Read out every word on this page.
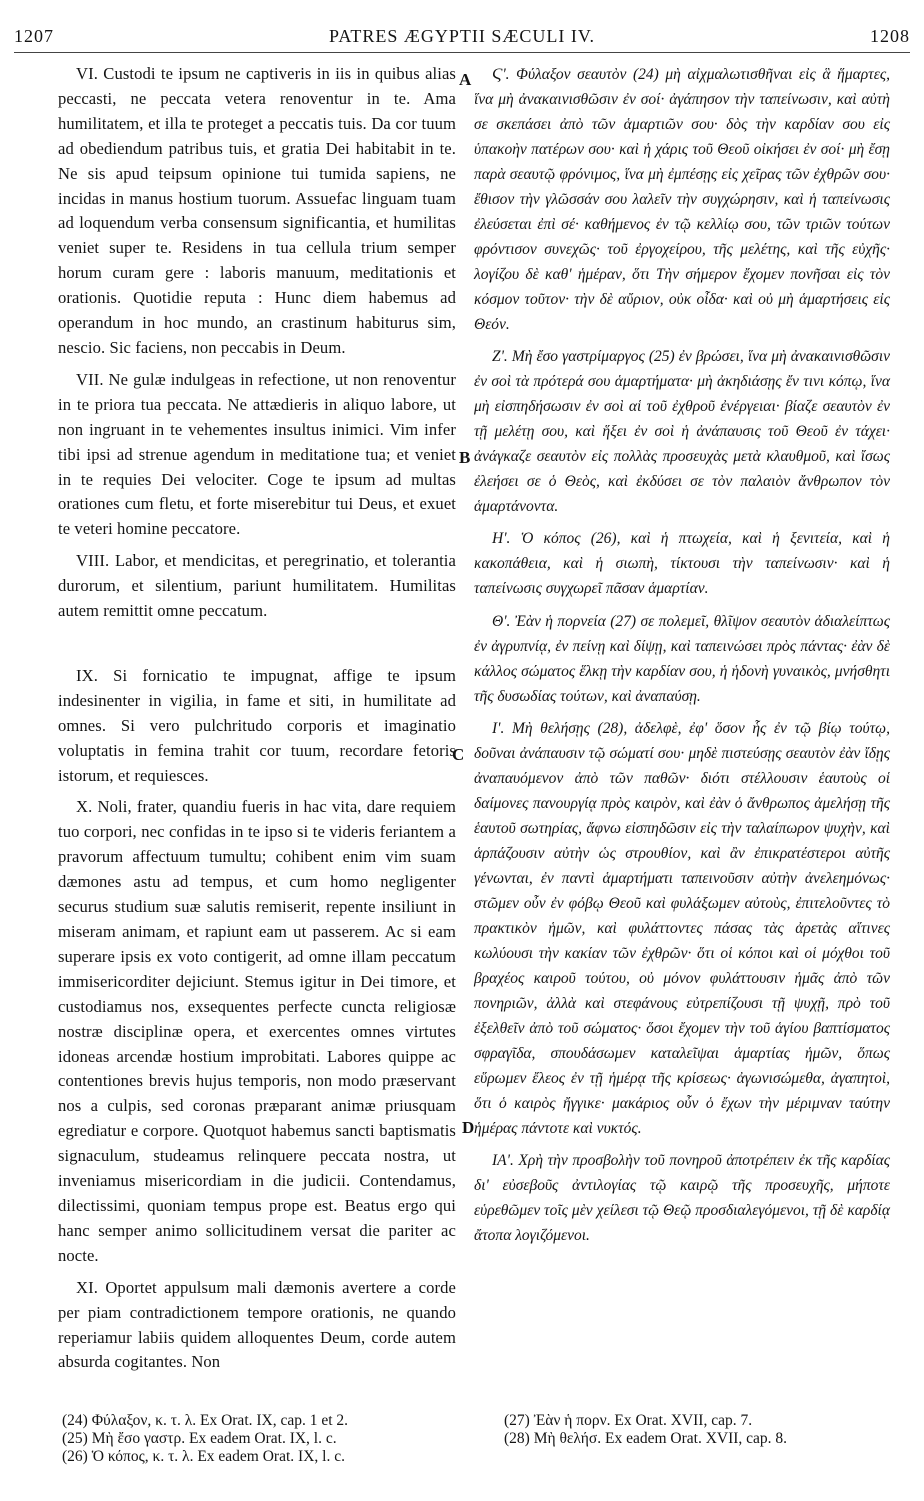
1207	PATRES ÆGYPTII SÆCULI IV.	1208

VI. Custodi te ipsum ne captiveris in iis in quibus alias peccasti, ne peccata vetera renoventur in te. Ama humilitatem, et illa te proteget a peccatis tuis. Da cor tuum ad obediendum patribus tuis, et gratia Dei habitabit in te. Ne sis apud teipsum opinione tui tumida sapiens, ne incidas in manus hostium tuorum. Assuefac linguam tuam ad loquendum verba consensum significantia, et humilitas veniet super te. Residens in tua cellula trium semper horum curam gere : laboris manuum, meditationis et orationis. Quotidie reputa : Hunc diem habemus ad operandum in hoc mundo, an crastinum habiturus sim, nescio. Sic faciens, non peccabis in Deum.

VII. Ne gulæ indulgeas in refectione, ut non renoventur in te priora tua peccata. Ne attædieris in aliquo labore, ut non ingruant in te vehementes insultus inimici. Vim infer tibi ipsi ad strenue agendum in meditatione tua; et veniet in te requies Dei velociter. Coge te ipsum ad multas orationes cum fletu, et forte miserebitur tui Deus, et exuet te veteri homine peccatore.

VIII. Labor, et mendicitas, et peregrinatio, et tolerantia durorum, et silentium, pariunt humilitatem. Humilitas autem remittit omne peccatum.

IX. Si fornicatio te impugnat, affige te ipsum indesinenter in vigilia, in fame et siti, in humilitate ad omnes. Si vero pulchritudo corporis et imaginatio voluptatis in femina trahit cor tuum, recordare fetoris istorum, et requiesces.

X. Noli, frater, quandiu fueris in hac vita, dare requiem tuo corpori, nec confidas in te ipso si te videris feriantem a pravorum affectuum tumultu; cohibent enim vim suam dæmones astu ad tempus, et cum homo negligenter securus studium suæ salutis remiserit, repente insiliunt in miseram animam, et rapiunt eam ut passerem. Ac si eam superare ipsis ex voto contigerit, ad omne illam peccatum immisericorditer dejiciunt. Stemus igitur in Dei timore, et custodiamus nos, exsequentes perfecte cuncta religiosæ nostræ disciplinæ opera, et exercentes omnes virtutes idoneas arcendæ hostium improbitati. Labores quippe ac contentiones brevis hujus temporis, non modo præservant nos a culpis, sed coronas præparant animæ priusquam egrediatur e corpore. Quotquot habemus sancti baptismatis signaculum, studeamus relinquere peccata nostra, ut inveniamus misericordiam in die judicii. Contendamus, dilectissimi, quoniam tempus prope est. Beatus ergo qui hanc semper animo sollicitudinem versat die pariter ac nocte.

XI. Oportet appulsum mali dæmonis avertere a corde per piam contradictionem tempore orationis, ne quando reperiamur labiis quidem alloquentes Deum, corde autem absurda cogitantes. Non

A
B
C
D

Ϛ'. Φύλαξον σεαυτὸν (24) μὴ αἰχμαλωτισθῆναι εἰς ἃ ἥμαρτες, ἵνα μὴ ἀνακαινισθῶσιν ἐν σοί· ἀγάπησον τὴν ταπείνωσιν, καὶ αὐτὴ σε σκεπάσει ἀπὸ τῶν ἁμαρτιῶν σου· δὸς τὴν καρδίαν σου εἰς ὑπακοὴν πατέρων σου· καὶ ἡ χάρις τοῦ Θεοῦ οἰκήσει ἐν σοί· μὴ ἔσῃ παρὰ σεαυτῷ φρόνιμος, ἵνα μὴ ἐμπέσῃς εἰς χεῖρας τῶν ἐχθρῶν σου· ἔθισον τὴν γλῶσσάν σου λαλεῖν τὴν συγχώρησιν, καὶ ἡ ταπείνωσις ἐλεύσεται ἐπὶ σέ· καθήμενος ἐν τῷ κελλίῳ σου, τῶν τριῶν τούτων φρόντισον συνεχῶς· τοῦ ἐργοχείρου, τῆς μελέτης, καὶ τῆς εὐχῆς· λογίζου δὲ καθ' ἡμέραν, ὅτι Τὴν σήμερον ἔχομεν πονῆσαι εἰς τὸν κόσμον τοῦτον· τὴν δὲ αὔριον, οὐκ οἶδα· καὶ οὐ μὴ ἁμαρτήσεις εἰς Θεόν.

Ζ'. Μὴ ἔσο γαστρίμαργος (25) ἐν βρώσει, ἵνα μὴ ἀνακαινισθῶσιν ἐν σοὶ τὰ πρότερά σου ἁμαρτήματα· μὴ ἀκηδιάσῃς ἔν τινι κόπῳ, ἵνα μὴ εἰσπηδήσωσιν ἐν σοὶ αἱ τοῦ ἐχθροῦ ἐνέργειαι· βίαζε σεαυτὸν ἐν τῇ μελέτῃ σου, καὶ ἥξει ἐν σοὶ ἡ ἀνάπαυσις τοῦ Θεοῦ ἐν τάχει· ἀνάγκαζε σεαυτὸν εἰς πολλὰς προσευχὰς μετὰ κλαυθμοῦ, καὶ ἴσως ἐλεήσει σε ὁ Θεὸς, καὶ ἐκδύσει σε τὸν παλαιὸν ἄνθρωπον τὸν ἁμαρτάνοντα.

Η'. Ὁ κόπος (26), καὶ ἡ πτωχεία, καὶ ἡ ξενιτεία, καὶ ἡ κακοπάθεια, καὶ ἡ σιωπὴ, τίκτουσι τὴν ταπείνωσιν· καὶ ἡ ταπείνωσις συγχωρεῖ πᾶσαν ἁμαρτίαν.

Θ'. Ἐὰν ἡ πορνεία (27) σε πολεμεῖ, θλῖψον σεαυτὸν ἀδιαλείπτως ἐν ἀγρυπνίᾳ, ἐν πείνῃ καὶ δίψῃ, καὶ ταπεινώσει πρὸς πάντας· ἐὰν δὲ κάλλος σώματος ἕλκῃ τὴν καρδίαν σου, ἡ ἡδονὴ γυναικὸς, μνήσθητι τῆς δυσωδίας τούτων, καὶ ἀναπαύσῃ.

Ι'. Μὴ θελήσῃς (28), ἀδελφὲ, ἐφ' ὅσον ἧς ἐν τῷ βίῳ τούτῳ, δοῦναι ἀνάπαυσιν τῷ σώματί σου· μηδὲ πιστεύσῃς σεαυτὸν ἐὰν ἴδῃς ἀναπαυόμενον ἀπὸ τῶν παθῶν· διότι στέλλουσιν ἑαυτοὺς οἱ δαίμονες πανουργίᾳ πρὸς καιρὸν, καὶ ἐὰν ὁ ἄνθρωπος ἀμελήσῃ τῆς ἑαυτοῦ σωτηρίας, ἄφνω εἰσπηδῶσιν εἰς τὴν ταλαίπωρον ψυχὴν, καὶ ἁρπάζουσιν αὐτὴν ὡς στρουθίον, καὶ ἂν ἐπικρατέστεροι αὐτῆς γένωνται, ἐν παντὶ ἁμαρτήματι ταπεινοῦσιν αὐτὴν ἀνελεημόνως· στῶμεν οὖν ἐν φόβῳ Θεοῦ καὶ φυλάξωμεν αὐτοὺς, ἐπιτελοῦντες τὸ πρακτικὸν ἡμῶν, καὶ φυλάττοντες πάσας τὰς ἀρετὰς αἵτινες κωλύουσι τὴν κακίαν τῶν ἐχθρῶν· ὅτι οἱ κόποι καὶ οἱ μόχθοι τοῦ βραχέος καιροῦ τούτου, οὐ μόνον φυλάττουσιν ἡμᾶς ἀπὸ τῶν πονηριῶν, ἀλλὰ καὶ στεφάνους εὐτρεπίζουσι τῇ ψυχῇ, πρὸ τοῦ ἐξελθεῖν ἀπὸ τοῦ σώματος· ὅσοι ἔχομεν τὴν τοῦ ἁγίου βαπτίσματος σφραγῖδα, σπουδάσωμεν καταλεῖψαι ἁμαρτίας ἡμῶν, ὅπως εὕρωμεν ἔλεος ἐν τῇ ἡμέρᾳ τῆς κρίσεως· ἀγωνισώμεθα, ἀγαπητοὶ, ὅτι ὁ καιρὸς ἤγγικε· μακάριος οὖν ὁ ἔχων τὴν μέριμναν ταύτην ἡμέρας πάντοτε καὶ νυκτός.

ΙΑ'. Χρὴ τὴν προσβολὴν τοῦ πονηροῦ ἀποτρέπειν ἐκ τῆς καρδίας δι' εὐσεβοῦς ἀντιλογίας τῷ καιρῷ τῆς προσευχῆς, μήποτε εὑρεθῶμεν τοῖς μὲν χείλεσι τῷ Θεῷ προσδιαλεγόμενοι, τῇ δὲ καρδίᾳ ἄτοπα λογιζόμενοι.

(24) Φύλαξον, κ. τ. λ. Ex Orat. IX, cap. 1 et 2.
(25) Μὴ ἔσο γαστρ. Ex eadem Orat. IX, l. c.
(26) Ὁ κόπος, κ. τ. λ. Ex eadem Orat. IX, l. c.
(27) Ἐὰν ἡ πορν. Ex Orat. XVII, cap. 7.
(28) Μὴ θελήσ. Ex eadem Orat. XVII, cap. 8.
